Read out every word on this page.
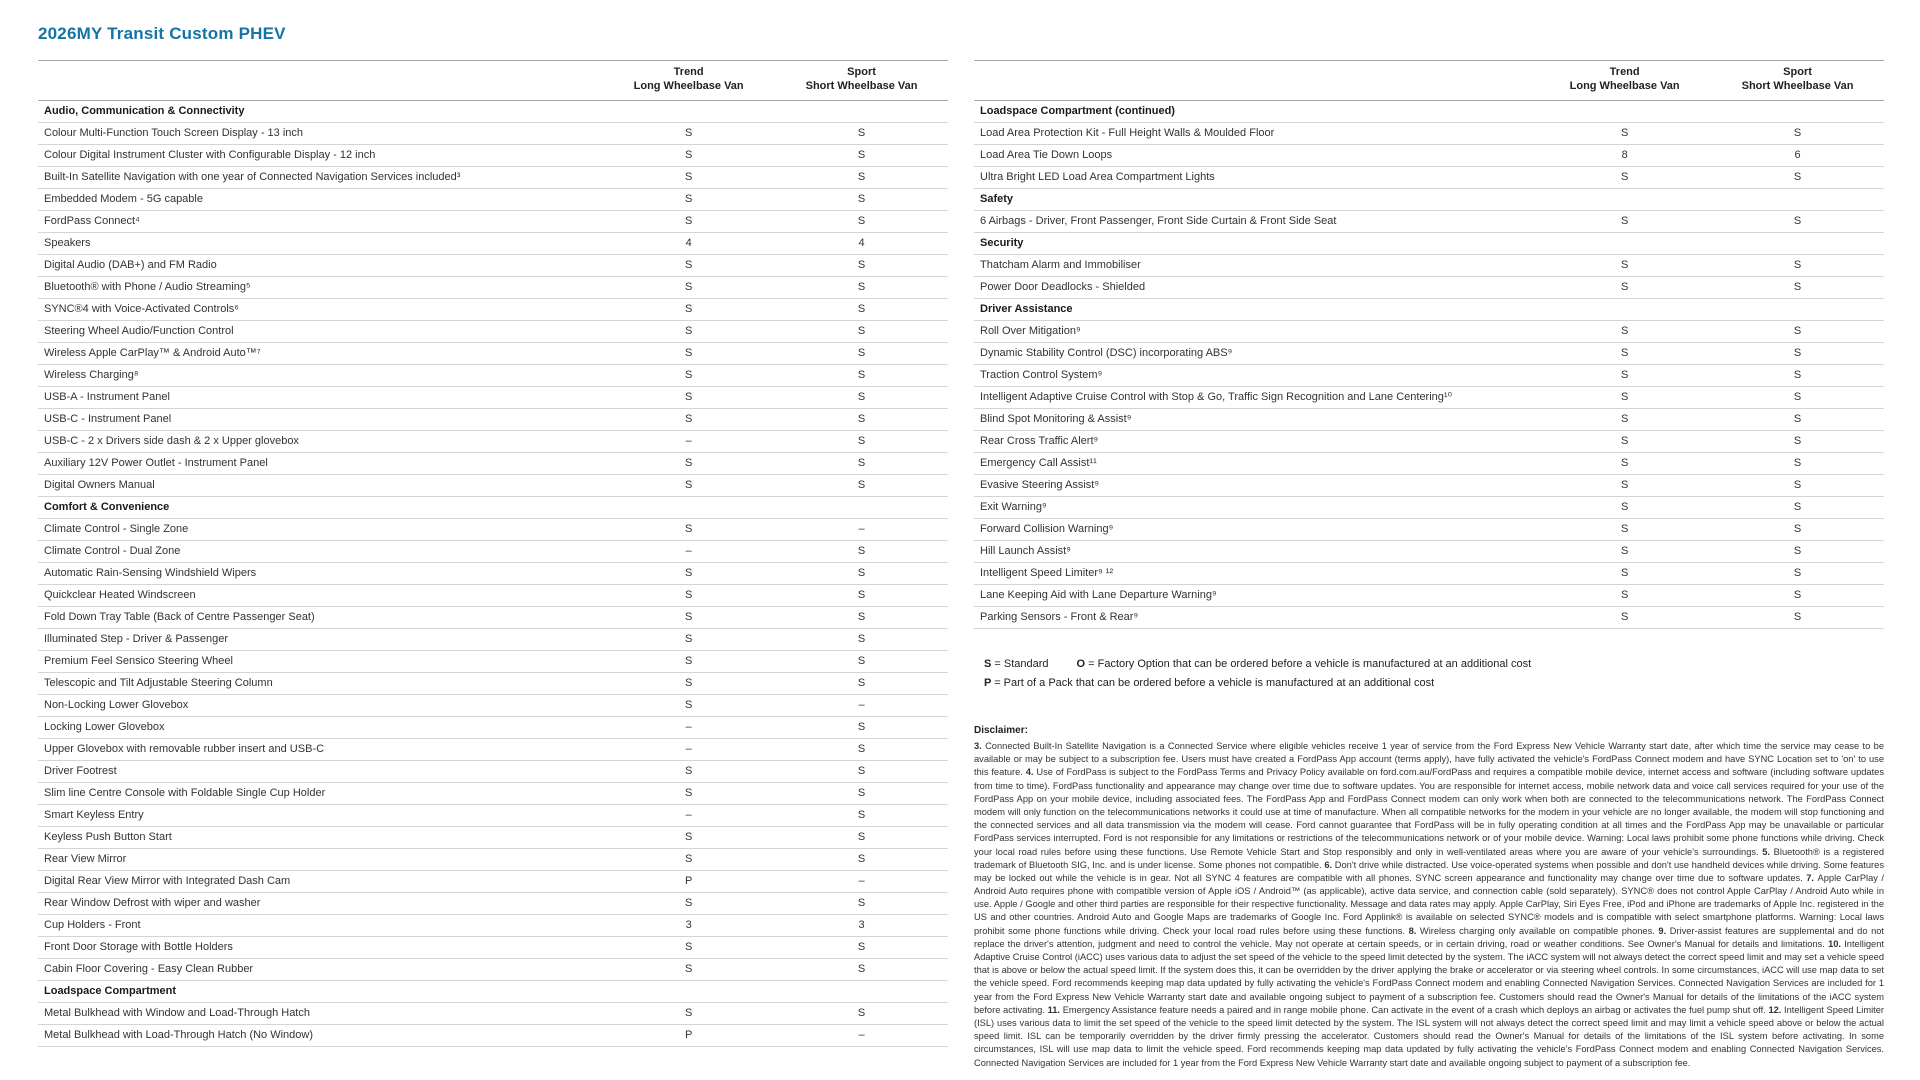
2026MY Transit Custom PHEV

Trend
Long Wheelbase Van

Sport
Short Wheelbase Van

Audio, Communication & Connectivity		
Colour Multi-Function Touch Screen Display - 13 inch	S	S
Colour Digital Instrument Cluster with Configurable Display - 12 inch	S	S
Built-In Satellite Navigation with one year of Connected Navigation Services included³	S	S
Embedded Modem - 5G capable	S	S
FordPass Connect⁴	S	S
Speakers	4	4
Digital Audio (DAB+) and FM Radio	S	S
Bluetooth® with Phone / Audio Streaming⁵	S	S
SYNC®4 with Voice-Activated Controls⁶	S	S
Steering Wheel Audio/Function Control	S	S
Wireless Apple CarPlay™ & Android Auto™⁷	S	S
Wireless Charging⁸	S	S
USB-A - Instrument Panel	S	S
USB-C - Instrument Panel	S	S
USB-C - 2 x Drivers side dash & 2 x Upper glovebox	–	S
Auxiliary 12V Power Outlet - Instrument Panel	S	S
Digital Owners Manual	S	S
Comfort & Convenience		
Climate Control - Single Zone	S	–
Climate Control - Dual Zone	–	S
Automatic Rain-Sensing Windshield Wipers	S	S
Quickclear Heated Windscreen	S	S
Fold Down Tray Table (Back of Centre Passenger Seat)	S	S
Illuminated Step - Driver & Passenger	S	S
Premium Feel Sensico Steering Wheel	S	S
Telescopic and Tilt Adjustable Steering Column	S	S
Non-Locking Lower Glovebox	S	–
Locking Lower Glovebox	–	S
Upper Glovebox with removable rubber insert and USB-C	–	S
Driver Footrest	S	S
Slim line Centre Console with Foldable Single Cup Holder	S	S
Smart Keyless Entry	–	S
Keyless Push Button Start	S	S
Rear View Mirror	S	S
Digital Rear View Mirror with Integrated Dash Cam	P	–
Rear Window Defrost with wiper and washer	S	S
Cup Holders - Front	3	3
Front Door Storage with Bottle Holders	S	S
Cabin Floor Covering - Easy Clean Rubber	S	S
Loadspace Compartment		
Metal Bulkhead with Window and Load-Through Hatch	S	S
Metal Bulkhead with Load-Through Hatch (No Window)	P	–

Trend
Long Wheelbase Van

Sport
Short Wheelbase Van

Loadspace Compartment (continued)		
Load Area Protection Kit - Full Height Walls & Moulded Floor	S	S
Load Area Tie Down Loops	8	6
Ultra Bright LED Load Area Compartment Lights	S	S
Safety		
6 Airbags - Driver, Front Passenger, Front Side Curtain & Front Side Seat	S	S
Security		
Thatcham Alarm and Immobiliser	S	S
Power Door Deadlocks - Shielded	S	S
Driver Assistance		
Roll Over Mitigation⁹	S	S
Dynamic Stability Control (DSC) incorporating ABS⁹	S	S
Traction Control System⁹	S	S
Intelligent Adaptive Cruise Control with Stop & Go, Traffic Sign Recognition and Lane Centering¹⁰	S	S
Blind Spot Monitoring & Assist⁹	S	S
Rear Cross Traffic Alert⁹	S	S
Emergency Call Assist¹¹	S	S
Evasive Steering Assist⁹	S	S
Exit Warning⁹	S	S
Forward Collision Warning⁹	S	S
Hill Launch Assist⁹	S	S
Intelligent Speed Limiter⁹ ¹²	S	S
Lane Keeping Aid with Lane Departure Warning⁹	S	S
Parking Sensors - Front & Rear⁹	S	S
S = Standard	O = Factory Option that can be ordered before a vehicle is manufactured at an additional cost
P = Part of a Pack that can be ordered before a vehicle is manufactured at an additional cost
Disclaimer:

3. Connected Built-In Satellite Navigation is a Connected Service where eligible vehicles receive 1 year of service from the Ford Express New Vehicle Warranty start date, after which time the service may cease to be available or may be subject to a subscription fee. Users must have created a FordPass App account (terms apply), have fully activated the vehicle's FordPass Connect modem and have SYNC Location set to 'on' to use this feature. 4. Use of FordPass is subject to the FordPass Terms and Privacy Policy available on ford.com.au/FordPass and requires a compatible mobile device, internet access and software (including software updates from time to time). FordPass functionality and appearance may change over time due to software updates. You are responsible for internet access, mobile network data and voice call services required for your use of the FordPass App on your mobile device, including associated fees. The FordPass App and FordPass Connect modem can only work when both are connected to the telecommunications network. The FordPass Connect modem will only function on the telecommunications networks it could use at time of manufacture. When all compatible networks for the modem in your vehicle are no longer available, the modem will stop functioning and the connected services and all data transmission via the modem will cease. Ford cannot guarantee that FordPass will be in fully operating condition at all times and the FordPass App may be unavailable or particular FordPass services interrupted. Ford is not responsible for any limitations or restrictions of the telecommunications network or of your mobile device. Warning: Local laws prohibit some phone functions while driving. Check your local road rules before using these functions. Use Remote Vehicle Start and Stop responsibly and only in well-ventilated areas where you are aware of your vehicle's surroundings. 5. Bluetooth® is a registered trademark of Bluetooth SIG, Inc. and is under license. Some phones not compatible. 6. Don't drive while distracted. Use voice-operated systems when possible and don't use handheld devices while driving. Some features may be locked out while the vehicle is in gear. Not all SYNC 4 features are compatible with all phones. SYNC screen appearance and functionality may change over time due to software updates. 7. Apple CarPlay / Android Auto requires phone with compatible version of Apple iOS / Android™ (as applicable), active data service, and connection cable (sold separately). SYNC® does not control Apple CarPlay / Android Auto while in use. Apple / Google and other third parties are responsible for their respective functionality. Message and data rates may apply. Apple CarPlay, Siri Eyes Free, iPod and iPhone are trademarks of Apple Inc. registered in the US and other countries. Android Auto and Google Maps are trademarks of Google Inc. Ford Applink® is available on selected SYNC® models and is compatible with select smartphone platforms. Warning: Local laws prohibit some phone functions while driving. Check your local road rules before using these functions. 8. Wireless charging only available on compatible phones. 9. Driver-assist features are supplemental and do not replace the driver's attention, judgment and need to control the vehicle. May not operate at certain speeds, or in certain driving, road or weather conditions. See Owner's Manual for details and limitations. 10. Intelligent Adaptive Cruise Control (iACC) uses various data to adjust the set speed of the vehicle to the speed limit detected by the system. The iACC system will not always detect the correct speed limit and may set a vehicle speed that is above or below the actual speed limit. If the system does this, it can be overridden by the driver applying the brake or accelerator or via steering wheel controls. In some circumstances, iACC will use map data to set the vehicle speed. Ford recommends keeping map data updated by fully activating the vehicle's FordPass Connect modem and enabling Connected Navigation Services. Connected Navigation Services are included for 1 year from the Ford Express New Vehicle Warranty start date and available ongoing subject to payment of a subscription fee. Customers should read the Owner's Manual for details of the limitations of the iACC system before activating. 11. Emergency Assistance feature needs a paired and in range mobile phone. Can activate in the event of a crash which deploys an airbag or activates the fuel pump shut off. 12. Intelligent Speed Limiter (ISL) uses various data to limit the set speed of the vehicle to the speed limit detected by the system. The ISL system will not always detect the correct speed limit and may limit a vehicle speed above or below the actual speed limit. ISL can be temporarily overridden by the driver firmly pressing the accelerator. Customers should read the Owner's Manual for details of the limitations of the ISL system before activating. In some circumstances, ISL will use map data to limit the vehicle speed. Ford recommends keeping map data updated by fully activating the vehicle's FordPass Connect modem and enabling Connected Navigation Services. Connected Navigation Services are included for 1 year from the Ford Express New Vehicle Warranty start date and available ongoing subject to payment of a subscription fee.
